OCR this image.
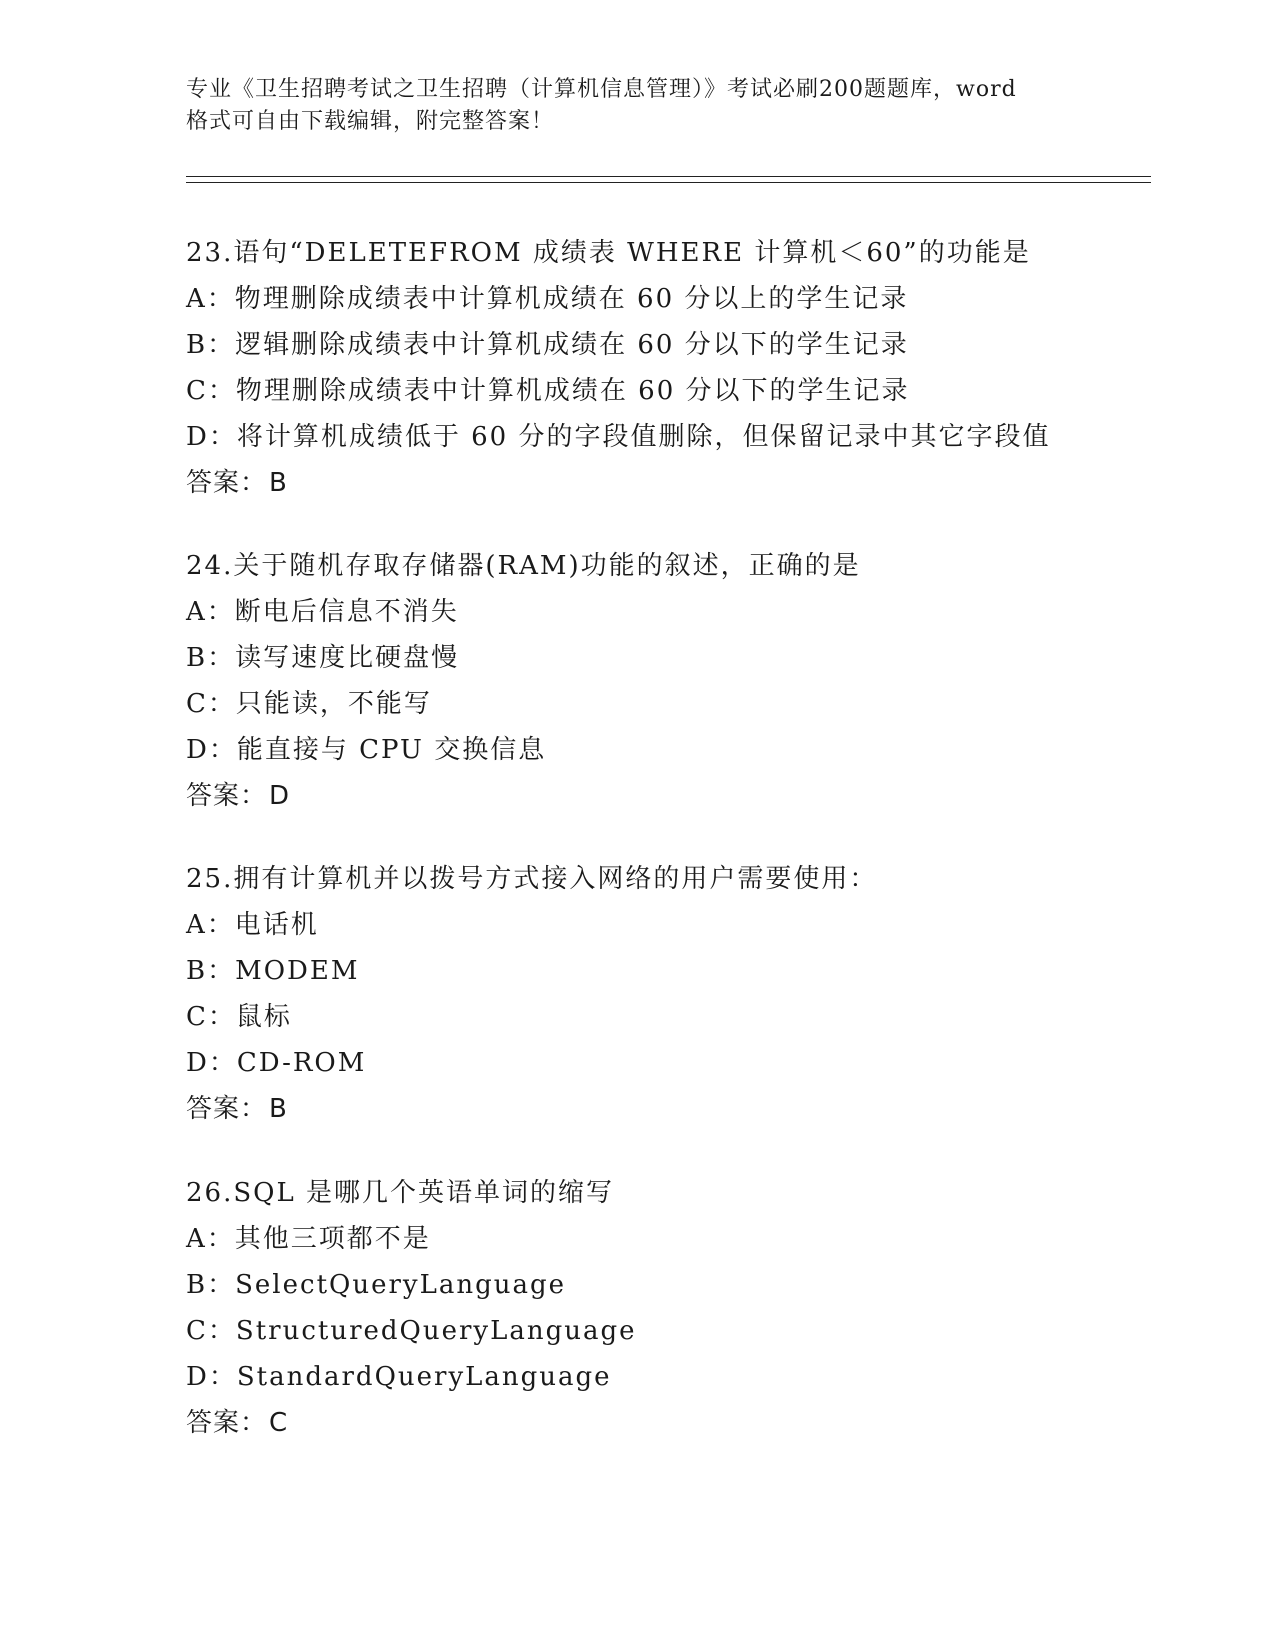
专业《卫生招聘考试之卫生招聘（计算机信息管理）》考试必刷200题题库，word
格式可自由下载编辑，附完整答案！
23.语句“DELETEFROM 成绩表 WHERE 计算机＜60”的功能是
A：物理删除成绩表中计算机成绩在 60 分以上的学生记录
B：逻辑删除成绩表中计算机成绩在 60 分以下的学生记录
C：物理删除成绩表中计算机成绩在 60 分以下的学生记录
D：将计算机成绩低于 60 分的字段值删除，但保留记录中其它字段值
答案：B
24.关于随机存取存储器(RAM)功能的叙述，正确的是
A：断电后信息不消失
B：读写速度比硬盘慢
C：只能读，不能写
D：能直接与 CPU 交换信息
答案：D
25.拥有计算机并以拨号方式接入网络的用户需要使用：
A：电话机
B：MODEM
C：鼠标
D：CD-ROM
答案：B
26.SQL 是哪几个英语单词的缩写
A：其他三项都不是
B：SelectQueryLanguage
C：StructuredQueryLanguage
D：StandardQueryLanguage
答案：C
